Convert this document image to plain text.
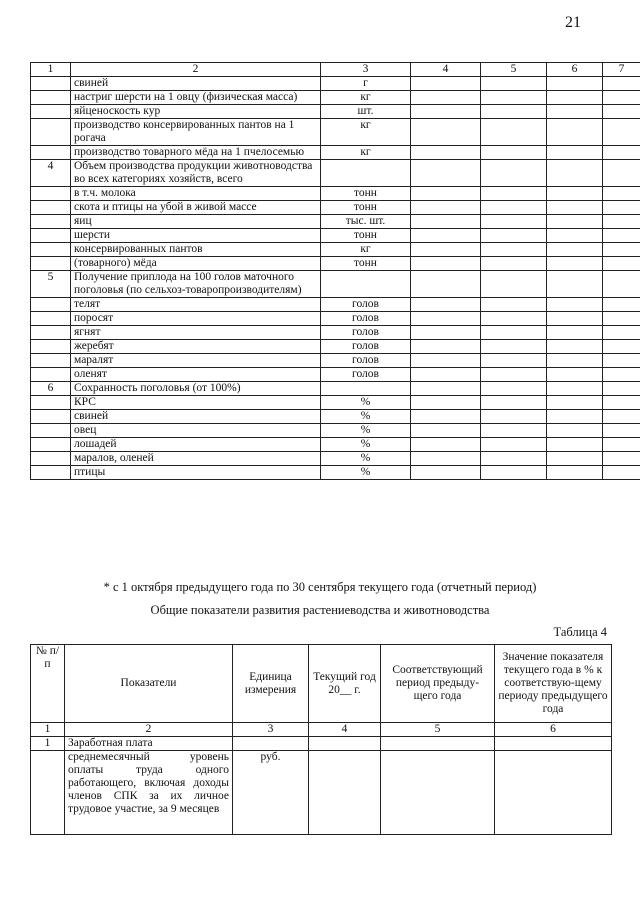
21
1	2	3	4	5	6	7
	свиней	г				
	настриг шерсти на 1 овцу (физическая масса)	кг				
	яйценоскость кур	шт.				
	производство консервированных пантов на 1 рогача	кг				
	производство товарного мёда на 1 пчелосемью	кг				
4	Объем производства продукции животноводства во всех категориях хозяйств, всего					
	в т.ч. молока	тонн				
	скота и птицы на убой в живой массе	тонн				
	яиц	тыс. шт.				
	шерсти	тонн				
	консервированных пантов	кг				
	(товарного) мёда	тонн				
5	Получение приплода на 100 голов маточного поголовья (по сельхоз-товаропроизводителям)					
	телят	голов				
	поросят	голов				
	ягнят	голов				
	жеребят	голов				
	маралят	голов				
	оленят	голов				
6	Сохранность поголовья (от 100%)					
	КРС	%				
	свиней	%				
	овец	%				
	лошадей	%				
	маралов, оленей	%				
	птицы	%				
* с 1 октября предыдущего года по 30 сентября текущего года (отчетный период)
Общие показатели развития растениеводства и животноводства
Таблица 4
№ п/п	Показатели	Единица измерения	Текущий год 20__ г.	Соответствующий период предыду-щего года	Значение показателя текущего года в % к соответствую-щему периоду предыдущего года
1	2	3	4	5	6
1	Заработная плата				
	среднемесячный уровень оплаты труда одного работающего, включая доходы членов СПК за их личное трудовое участие, за 9 месяцев	руб.			
